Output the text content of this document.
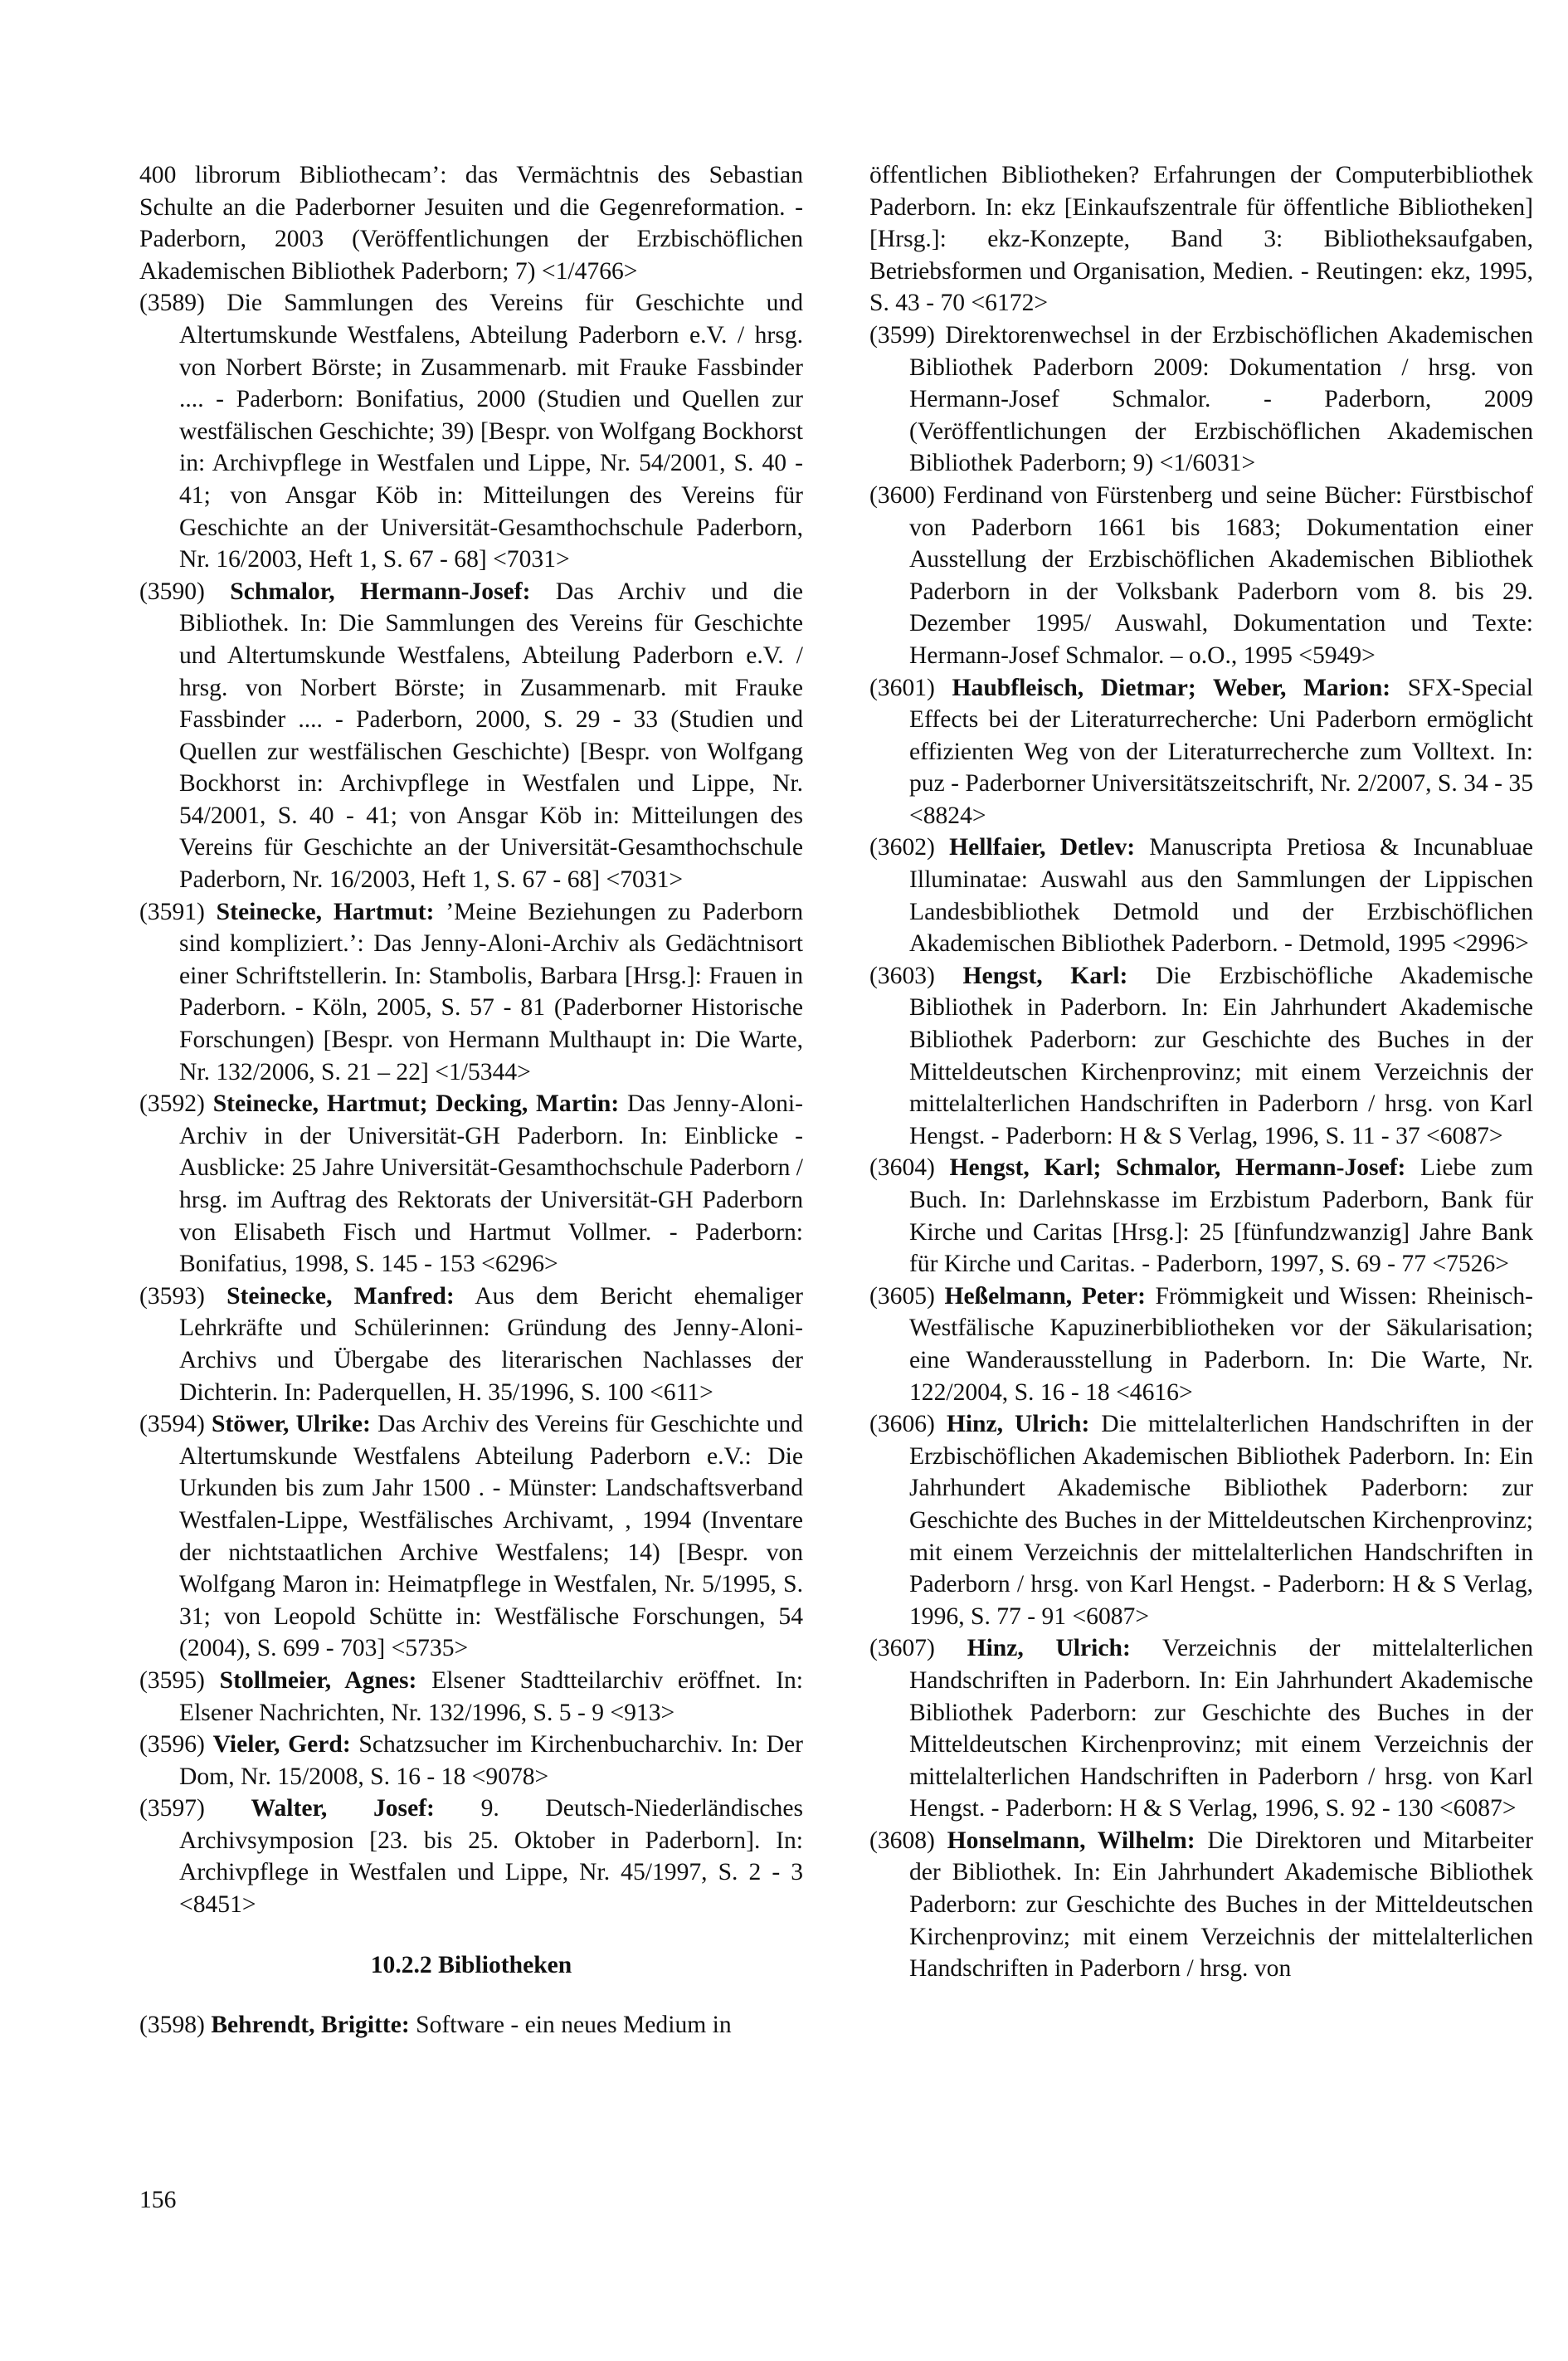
400 librorum Bibliothecam’: das Vermächtnis des Sebastian Schulte an die Paderborner Jesuiten und die Gegenreformation. - Paderborn, 2003 (Veröffentlichungen der Erzbischöflichen Akademischen Bibliothek Paderborn; 7) <1/4766>

(3589) Die Sammlungen des Vereins für Geschichte und Altertumskunde Westfalens, Abteilung Paderborn e.V. / hrsg. von Norbert Börste; in Zusammenarb. mit Frauke Fassbinder .... - Paderborn: Bonifatius, 2000 (Studien und Quellen zur westfälischen Geschichte; 39) [Bespr. von Wolfgang Bockhorst in: Archivpflege in Westfalen und Lippe, Nr. 54/2001, S. 40 - 41; von Ansgar Köb in: Mitteilungen des Vereins für Geschichte an der Universität-Gesamthochschule Paderborn, Nr. 16/2003, Heft 1, S. 67 - 68] <7031>

(3590) Schmalor, Hermann-Josef: Das Archiv und die Bibliothek. In: Die Sammlungen des Vereins für Geschichte und Altertumskunde Westfalens, Abteilung Paderborn e.V. / hrsg. von Norbert Börste; in Zusammenarb. mit Frauke Fassbinder .... - Paderborn, 2000, S. 29 - 33 (Studien und Quellen zur westfälischen Geschichte) [Bespr. von Wolfgang Bockhorst in: Archivpflege in Westfalen und Lippe, Nr. 54/2001, S. 40 - 41; von Ansgar Köb in: Mitteilungen des Vereins für Geschichte an der Universität-Gesamthochschule Paderborn, Nr. 16/2003, Heft 1, S. 67 - 68] <7031>

(3591) Steinecke, Hartmut: ’Meine Beziehungen zu Paderborn sind kompliziert.’: Das Jenny-Aloni-Archiv als Gedächtnisort einer Schriftstellerin. In: Stambolis, Barbara [Hrsg.]: Frauen in Paderborn. - Köln, 2005, S. 57 - 81 (Paderborner Historische Forschungen) [Bespr. von Hermann Multhaupt in: Die Warte, Nr. 132/2006, S. 21 – 22] <1/5344>

(3592) Steinecke, Hartmut; Decking, Martin: Das Jenny-Aloni-Archiv in der Universität-GH Paderborn. In: Einblicke - Ausblicke: 25 Jahre Universität-Gesamthochschule Paderborn / hrsg. im Auftrag des Rektorats der Universität-GH Paderborn von Elisabeth Fisch und Hartmut Vollmer. - Paderborn: Bonifatius, 1998, S. 145 - 153 <6296>

(3593) Steinecke, Manfred: Aus dem Bericht ehemaliger Lehrkräfte und Schülerinnen: Gründung des Jenny-Aloni-Archivs und Übergabe des literarischen Nachlasses der Dichterin. In: Paderquellen, H. 35/1996, S. 100 <611>

(3594) Stöwer, Ulrike: Das Archiv des Vereins für Geschichte und Altertumskunde Westfalens Abteilung Paderborn e.V.: Die Urkunden bis zum Jahr 1500 . - Münster: Landschaftsverband Westfalen-Lippe, Westfälisches Archivamt, , 1994 (Inventare der nichtstaatlichen Archive Westfalens; 14) [Bespr. von Wolfgang Maron in: Heimatpflege in Westfalen, Nr. 5/1995, S. 31; von Leopold Schütte in: Westfälische Forschungen, 54 (2004), S. 699 - 703] <5735>

(3595) Stollmeier, Agnes: Elsener Stadtteilarchiv eröffnet. In: Elsener Nachrichten, Nr. 132/1996, S. 5 - 9 <913>

(3596) Vieler, Gerd: Schatzsucher im Kirchenbucharchiv. In: Der Dom, Nr. 15/2008, S. 16 - 18 <9078>

(3597) Walter, Josef: 9. Deutsch-Niederländisches Archivsymposion [23. bis 25. Oktober in Paderborn]. In: Archivpflege in Westfalen und Lippe, Nr. 45/1997, S. 2 - 3 <8451>

10.2.2 Bibliotheken

(3598) Behrendt, Brigitte: Software - ein neues Medium in

öffentlichen Bibliotheken? Erfahrungen der Computerbibliothek Paderborn. In: ekz [Einkaufszentrale für öffentliche Bibliotheken] [Hrsg.]: ekz-Konzepte, Band 3: Bibliotheksaufgaben, Betriebsformen und Organisation, Medien. - Reutingen: ekz, 1995, S. 43 - 70 <6172>

(3599) Direktorenwechsel in der Erzbischöflichen Akademischen Bibliothek Paderborn 2009: Dokumentation / hrsg. von Hermann-Josef Schmalor. - Paderborn, 2009 (Veröffentlichungen der Erzbischöflichen Akademischen Bibliothek Paderborn; 9) <1/6031>

(3600) Ferdinand von Fürstenberg und seine Bücher: Fürstbischof von Paderborn 1661 bis 1683; Dokumentation einer Ausstellung der Erzbischöflichen Akademischen Bibliothek Paderborn in der Volksbank Paderborn vom 8. bis 29. Dezember 1995/ Auswahl, Dokumentation und Texte: Hermann-Josef Schmalor. – o.O., 1995 <5949>

(3601) Haubfleisch, Dietmar; Weber, Marion: SFX-Special Effects bei der Literaturrecherche: Uni Paderborn ermöglicht effizienten Weg von der Literaturrecherche zum Volltext. In: puz - Paderborner Universitätszeitschrift, Nr. 2/2007, S. 34 - 35 <8824>

(3602) Hellfaier, Detlev: Manuscripta Pretiosa & Incunabluae Illuminatae: Auswahl aus den Sammlungen der Lippischen Landesbibliothek Detmold und der Erzbischöflichen Akademischen Bibliothek Paderborn. - Detmold, 1995 <2996>

(3603) Hengst, Karl: Die Erzbischöfliche Akademische Bibliothek in Paderborn. In: Ein Jahrhundert Akademische Bibliothek Paderborn: zur Geschichte des Buches in der Mitteldeutschen Kirchenprovinz; mit einem Verzeichnis der mittelalterlichen Handschriften in Paderborn / hrsg. von Karl Hengst. - Paderborn: H & S Verlag, 1996, S. 11 - 37 <6087>

(3604) Hengst, Karl; Schmalor, Hermann-Josef: Liebe zum Buch. In: Darlehnskasse im Erzbistum Paderborn, Bank für Kirche und Caritas [Hrsg.]: 25 [fünfundzwanzig] Jahre Bank für Kirche und Caritas. - Paderborn, 1997, S. 69 - 77 <7526>

(3605) Heßelmann, Peter: Frömmigkeit und Wissen: Rheinisch-Westfälische Kapuzinerbibliotheken vor der Säkularisation; eine Wanderausstellung in Paderborn. In: Die Warte, Nr. 122/2004, S. 16 - 18 <4616>

(3606) Hinz, Ulrich: Die mittelalterlichen Handschriften in der Erzbischöflichen Akademischen Bibliothek Paderborn. In: Ein Jahrhundert Akademische Bibliothek Paderborn: zur Geschichte des Buches in der Mitteldeutschen Kirchenprovinz; mit einem Verzeichnis der mittelalterlichen Handschriften in Paderborn / hrsg. von Karl Hengst. - Paderborn: H & S Verlag, 1996, S. 77 - 91 <6087>

(3607) Hinz, Ulrich: Verzeichnis der mittelalterlichen Handschriften in Paderborn. In: Ein Jahrhundert Akademische Bibliothek Paderborn: zur Geschichte des Buches in der Mitteldeutschen Kirchenprovinz; mit einem Verzeichnis der mittelalterlichen Handschriften in Paderborn / hrsg. von Karl Hengst. - Paderborn: H & S Verlag, 1996, S. 92 - 130 <6087>

(3608) Honselmann, Wilhelm: Die Direktoren und Mitarbeiter der Bibliothek. In: Ein Jahrhundert Akademische Bibliothek Paderborn: zur Geschichte des Buches in der Mitteldeutschen Kirchenprovinz; mit einem Verzeichnis der mittelalterlichen Handschriften in Paderborn / hrsg. von

156
